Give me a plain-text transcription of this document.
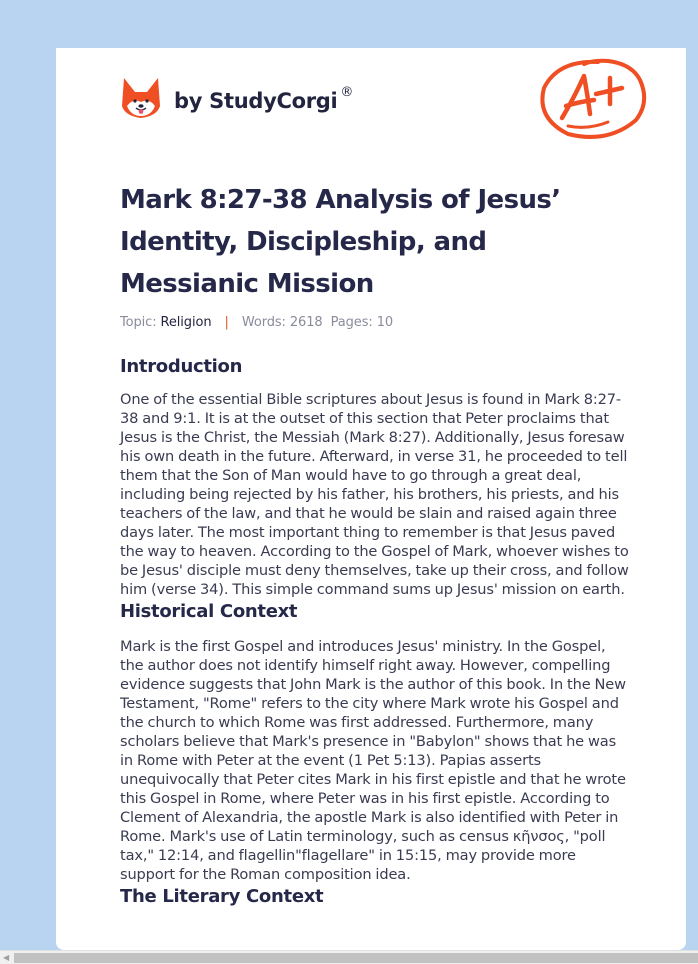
by StudyCorgi ®
Mark 8:27-38 Analysis of Jesus’ Identity, Discipleship, and Messianic Mission
Topic: Religion | Words: 2618 Pages: 10
Introduction

One of the essential Bible scriptures about Jesus is found in Mark 8:27-38 and 9:1. It is at the outset of this section that Peter proclaims that Jesus is the Christ, the Messiah (Mark 8:27). Additionally, Jesus foresaw his own death in the future. Afterward, in verse 31, he proceeded to tell them that the Son of Man would have to go through a great deal, including being rejected by his father, his brothers, his priests, and his teachers of the law, and that he would be slain and raised again three days later. The most important thing to remember is that Jesus paved the way to heaven. According to the Gospel of Mark, whoever wishes to be Jesus' disciple must deny themselves, take up their cross, and follow him (verse 34). This simple command sums up Jesus' mission on earth.

Historical Context

Mark is the first Gospel and introduces Jesus' ministry. In the Gospel, the author does not identify himself right away. However, compelling evidence suggests that John Mark is the author of this book. In the New Testament, "Rome" refers to the city where Mark wrote his Gospel and the church to which Rome was first addressed. Furthermore, many scholars believe that Mark's presence in "Babylon" shows that he was in Rome with Peter at the event (1 Pet 5:13). Papias asserts unequivocally that Peter cites Mark in his first epistle and that he wrote this Gospel in Rome, where Peter was in his first epistle. According to Clement of Alexandria, the apostle Mark is also identified with Peter in Rome. Mark's use of Latin terminology, such as census κῆνσος, "poll tax," 12:14, and flagellin"flagellare" in 15:15, may provide more support for the Roman composition idea.

The Literary Context
◀
